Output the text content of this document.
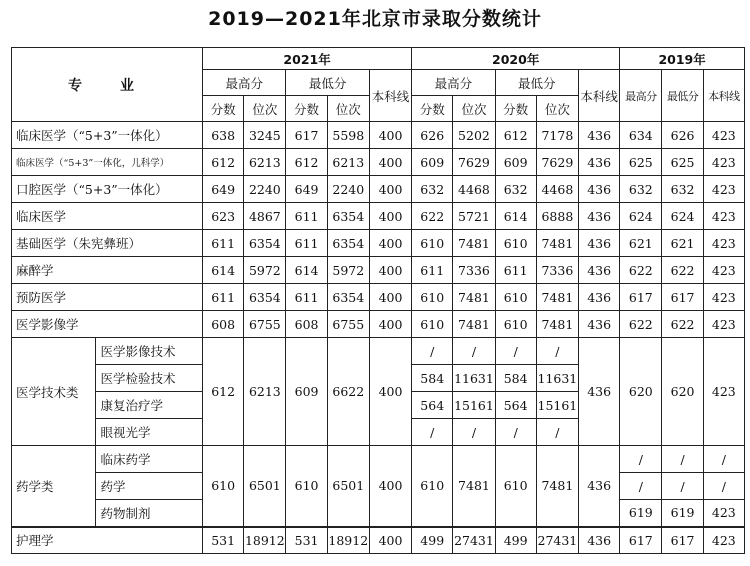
2019—2021年北京市录取分数统计
专　业		2021年					2020年					2019年		
		最高分		最低分		本科线	最高分		最低分		本科线	最高分	最低分	本科线
		分数	位次	分数	位次		分数	位次	分数	位次				
临床医学（“5+3”一体化）		638	3245	617	5598	400	626	5202	612	7178	436	634	626	423
临床医学（“5+3”一体化，儿科学）		612	6213	612	6213	400	609	7629	609	7629	436	625	625	423
口腔医学（“5+3”一体化）		649	2240	649	2240	400	632	4468	632	4468	436	632	632	423
临床医学		623	4867	611	6354	400	622	5721	614	6888	436	624	624	423
基础医学（朱宪彝班）		611	6354	611	6354	400	610	7481	610	7481	436	621	621	423
麻醉学		614	5972	614	5972	400	611	7336	611	7336	436	622	622	423
预防医学		611	6354	611	6354	400	610	7481	610	7481	436	617	617	423
医学影像学		608	6755	608	6755	400	610	7481	610	7481	436	622	622	423
医学技术类	医学影像技术	612	6213	609	6622	400	/	/	/	/	436	620	620	423
	医学检验技术						584	11631	584	11631				
	康复治疗学						564	15161	564	15161				
	眼视光学						/	/	/	/				
药学类	临床药学	610	6501	610	6501	400	610	7481	610	7481	436	/	/	/
	药学											/	/	/
	药物制剂											619	619	423
护理学		531	18912	531	18912	400	499	27431	499	27431	436	617	617	423
